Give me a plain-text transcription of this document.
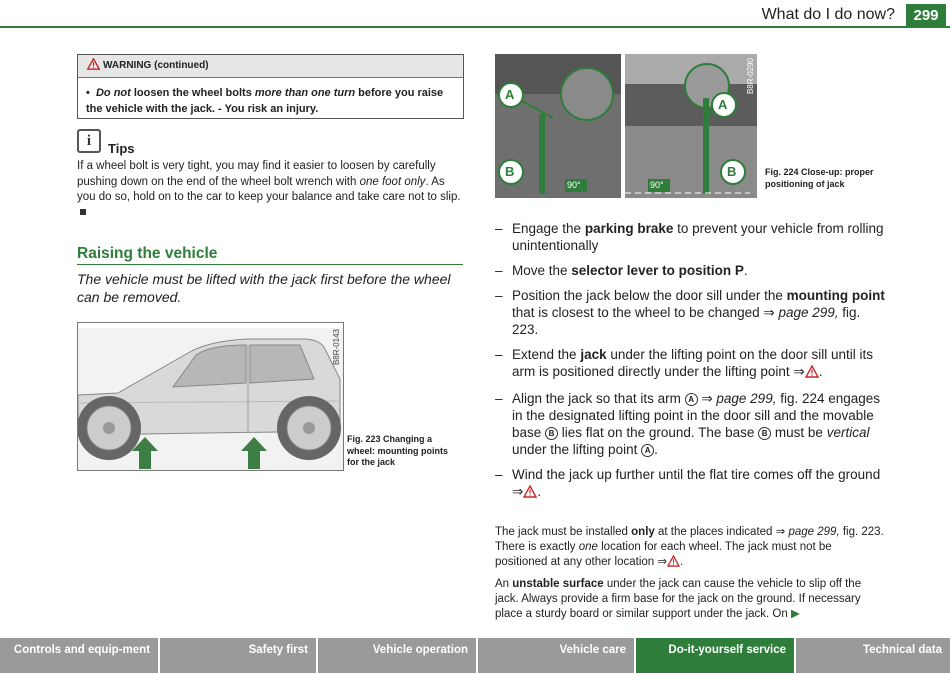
What do I do now?	299
WARNING (continued)
• Do not loosen the wheel bolts more than one turn before you raise the vehicle with the jack. - You risk an injury.
i	Tips
If a wheel bolt is very tight, you may find it easier to loosen by carefully pushing down on the end of the wheel bolt wrench with one foot only. As you do so, hold on to the car to keep your balance and take care not to slip.
Raising the vehicle
The vehicle must be lifted with the jack first before the wheel can be removed.
B8R-0143
Fig. 223 Changing a wheel: mounting points for the jack
A
B
A
B
90°	90°
B8R-0290
Fig. 224 Close-up: proper positioning of jack
– Engage the parking brake to prevent your vehicle from rolling unintentionally
– Move the selector lever to position P.
– Position the jack below the door sill under the mounting point that is closest to the wheel to be changed ⇒ page 299, fig. 223.
– Extend the jack under the lifting point on the door sill until its arm is positioned directly under the lifting point ⇒ .
– Align the jack so that its arm A ⇒ page 299, fig. 224 engages in the designated lifting point in the door sill and the movable base B lies flat on the ground. The base B must be vertical under the lifting point A .
– Wind the jack up further until the flat tire comes off the ground ⇒ .
The jack must be installed only at the places indicated ⇒ page 299, fig. 223. There is exactly one location for each wheel. The jack must not be positioned at any other location ⇒ .
An unstable surface under the jack can cause the vehicle to slip off the jack. Always provide a firm base for the jack on the ground. If necessary place a sturdy board or similar support under the jack. On ▶
Controls and equip-ment	Safety first	Vehicle operation	Vehicle care	Do-it-yourself service	Technical data
